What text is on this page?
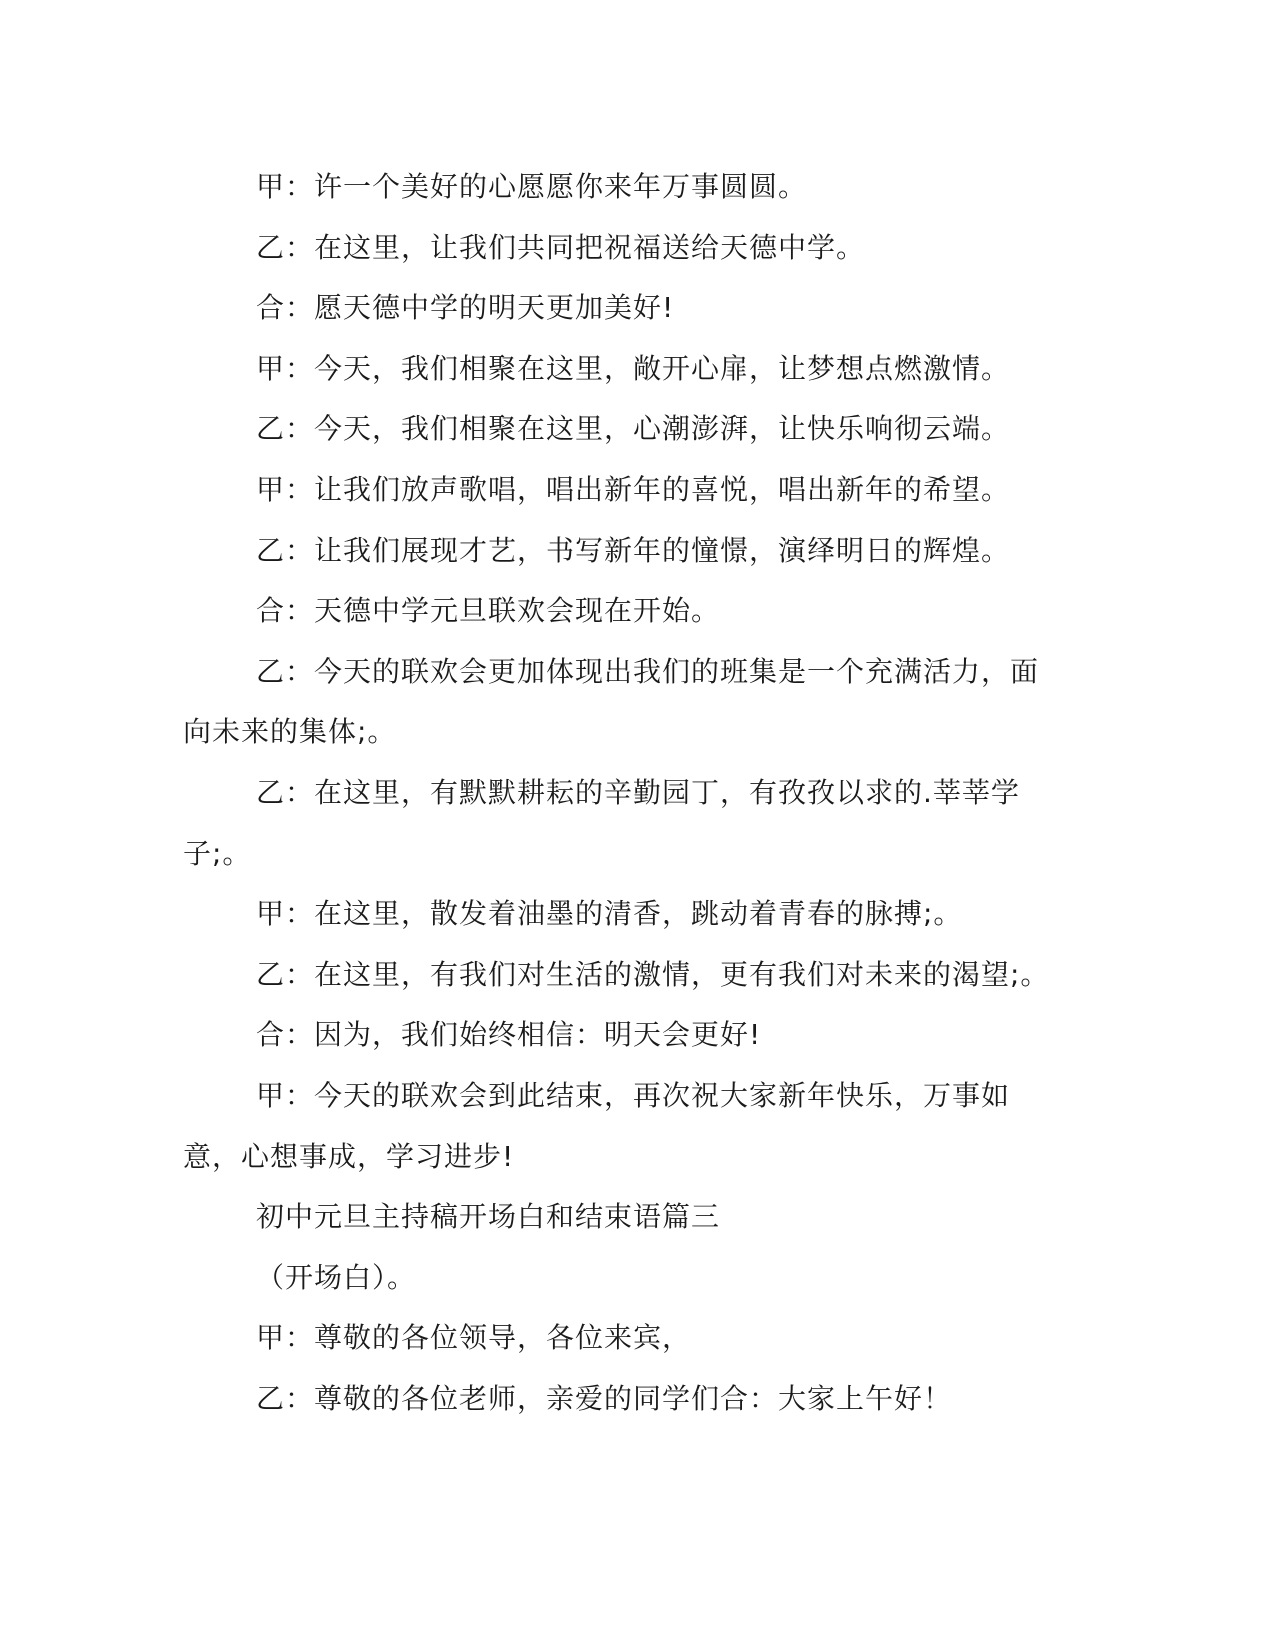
甲：许一个美好的心愿愿你来年万事圆圆。

乙：在这里，让我们共同把祝福送给天德中学。

合：愿天德中学的明天更加美好!

甲：今天，我们相聚在这里，敞开心扉，让梦想点燃激情。

乙：今天，我们相聚在这里，心潮澎湃，让快乐响彻云端。

甲：让我们放声歌唱，唱出新年的喜悦，唱出新年的希望。

乙：让我们展现才艺，书写新年的憧憬，演绎明日的辉煌。

合：天德中学元旦联欢会现在开始。

乙：今天的联欢会更加体现出我们的班集是一个充满活力，面向未来的集体;。

乙：在这里，有默默耕耘的辛勤园丁，有孜孜以求的.莘莘学子;。

甲：在这里，散发着油墨的清香，跳动着青春的脉搏;。

乙：在这里，有我们对生活的激情，更有我们对未来的渴望;。

合：因为，我们始终相信：明天会更好!

甲：今天的联欢会到此结束，再次祝大家新年快乐，万事如意，心想事成，学习进步!

初中元旦主持稿开场白和结束语篇三

（开场白）。

甲：尊敬的各位领导，各位来宾，

乙：尊敬的各位老师，亲爱的同学们合：大家上午好！
